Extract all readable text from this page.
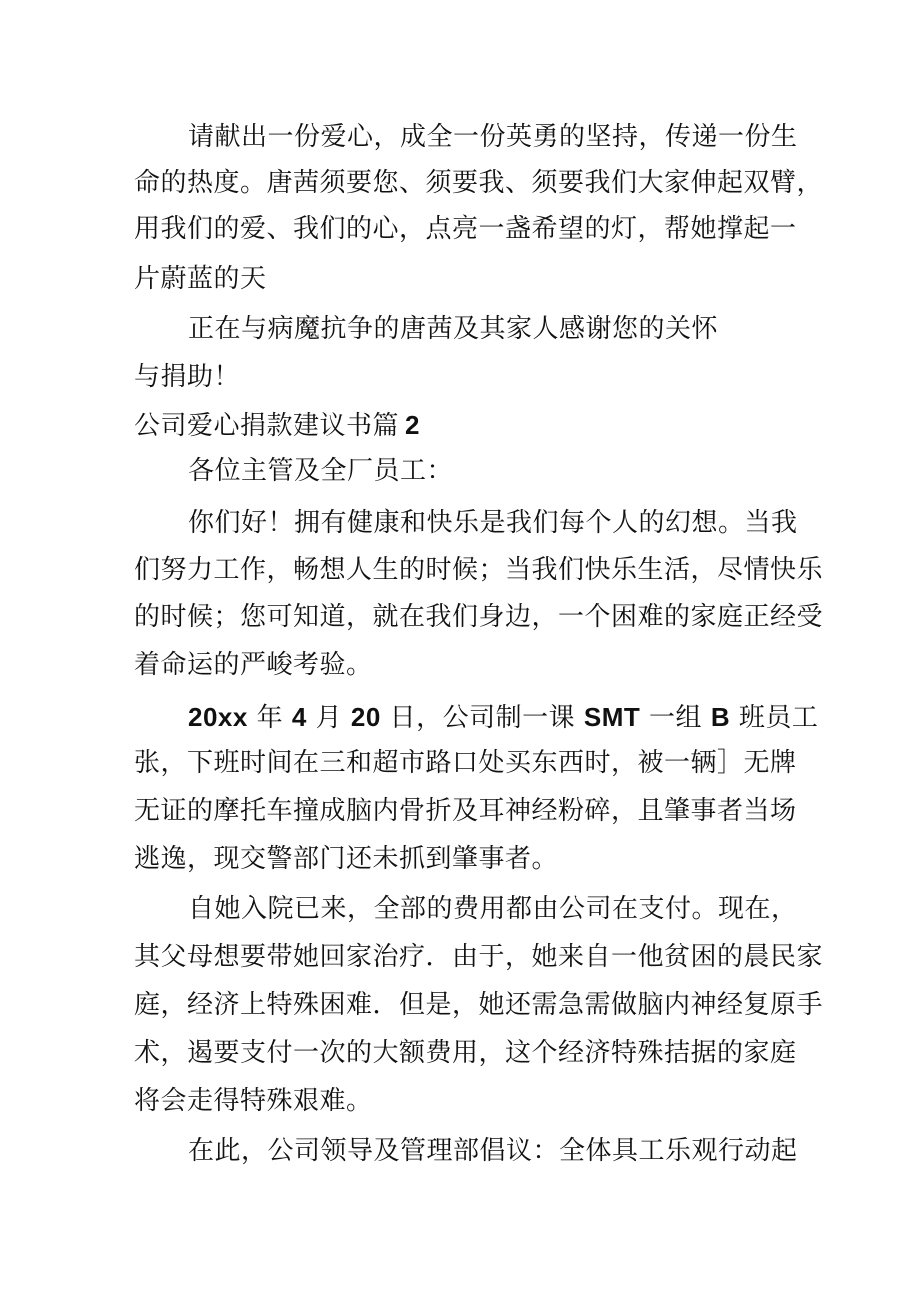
请献出一份爱心，成全一份英勇的坚持，传递一份生
命的热度。唐茜须要您、须要我、须要我们大家伸起双臂，
用我们的爱、我们的心，点亮一盏希望的灯，帮她撑起一
片蔚蓝的天
正在与病魔抗争的唐茜及其家人感谢您的关怀
与捐助！
公司爱心捐款建议书篇 2
各位主管及全厂员工：
你们好！拥有健康和快乐是我们每个人的幻想。当我
们努力工作，畅想人生的时候；当我们快乐生活，尽情快乐
的时候；您可知道，就在我们身边，一个困难的家庭正经受
着命运的严峻考验。
20xx 年 4 月 20 日，公司制一课 SMT 一组 B 班员工
张，下班时间在三和超市路口处买东西时，被一辆］无牌
无证的摩托车撞成脑内骨折及耳神经粉碎，且肇事者当场
逃逸，现交警部门还未抓到肇事者。
自她入院已来，全部的费用都由公司在支付。现在，
其父母想要带她回家治疗．由于，她来自一他贫困的晨民家
庭，经济上特殊困难．但是，她还需急需做脑内神经复原手
术，遏要支付一次的大额费用，这个经济特殊拮据的家庭
将会走得特殊艰难。
在此，公司领导及管理部倡议：全体具工乐观行动起
